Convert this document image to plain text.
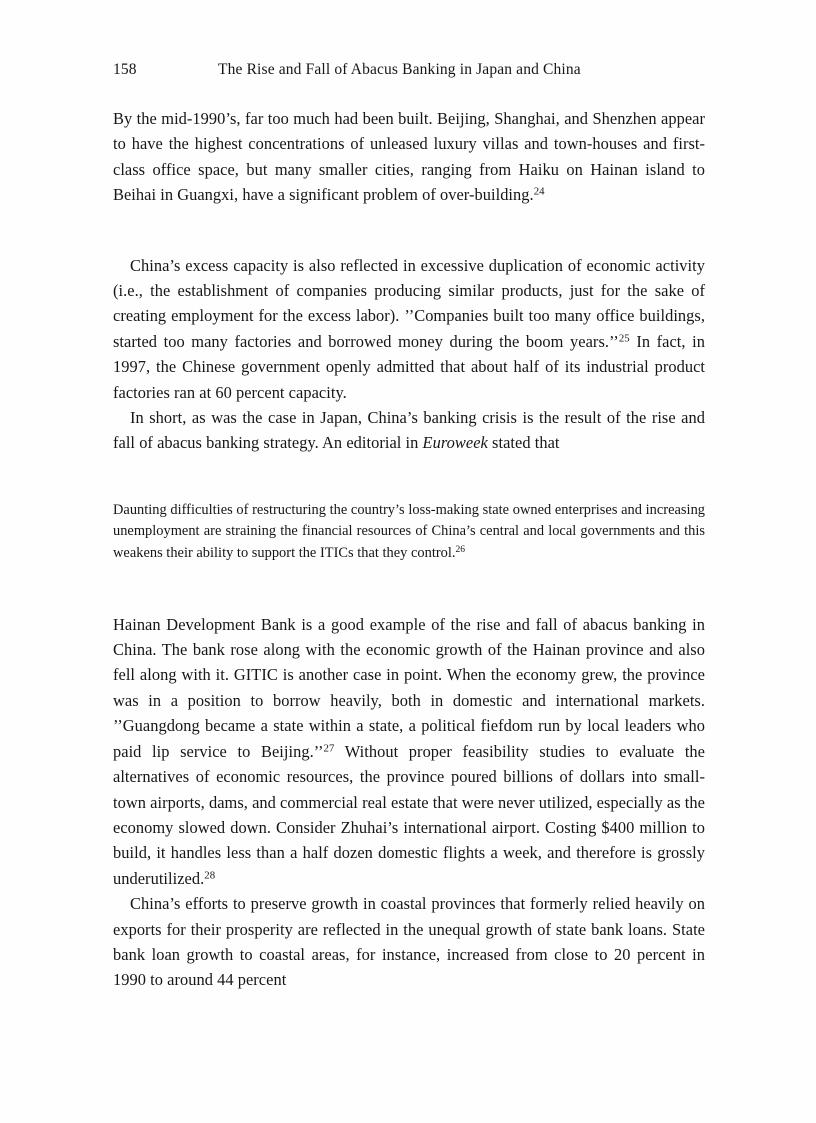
158	The Rise and Fall of Abacus Banking in Japan and China

By the mid-1990’s, far too much had been built. Beijing, Shanghai, and Shenzhen appear to have the highest concentrations of unleased luxury villas and town-houses and first-class office space, but many smaller cities, ranging from Haiku on Hainan island to Beihai in Guangxi, have a significant problem of over-building.$^{24}$

China’s excess capacity is also reflected in excessive duplication of economic activity (i.e., the establishment of companies producing similar products, just for the sake of creating employment for the excess labor). ’’Companies built too many office buildings, started too many factories and borrowed money during the boom years.’’$^{25}$ In fact, in 1997, the Chinese government openly admitted that about half of its industrial product factories ran at 60 percent capacity.

In short, as was the case in Japan, China’s banking crisis is the result of the rise and fall of abacus banking strategy. An editorial in Euroweek stated that

Daunting difficulties of restructuring the country’s loss-making state owned enterprises and increasing unemployment are straining the financial resources of China’s central and local governments and this weakens their ability to support the ITICs that they control.$^{26}$

Hainan Development Bank is a good example of the rise and fall of abacus banking in China. The bank rose along with the economic growth of the Hainan province and also fell along with it. GITIC is another case in point. When the economy grew, the province was in a position to borrow heavily, both in domestic and international markets. ’’Guangdong became a state within a state, a political fiefdom run by local leaders who paid lip service to Beijing.’’$^{27}$ Without proper feasibility studies to evaluate the alternatives of economic resources, the province poured billions of dollars into small-town airports, dams, and commercial real estate that were never utilized, especially as the economy slowed down. Consider Zhuhai’s international airport. Costing $400 million to build, it handles less than a half dozen domestic flights a week, and therefore is grossly underutilized.$^{28}$

China’s efforts to preserve growth in coastal provinces that formerly relied heavily on exports for their prosperity are reflected in the unequal growth of state bank loans. State bank loan growth to coastal areas, for instance, increased from close to 20 percent in 1990 to around 44 percent
